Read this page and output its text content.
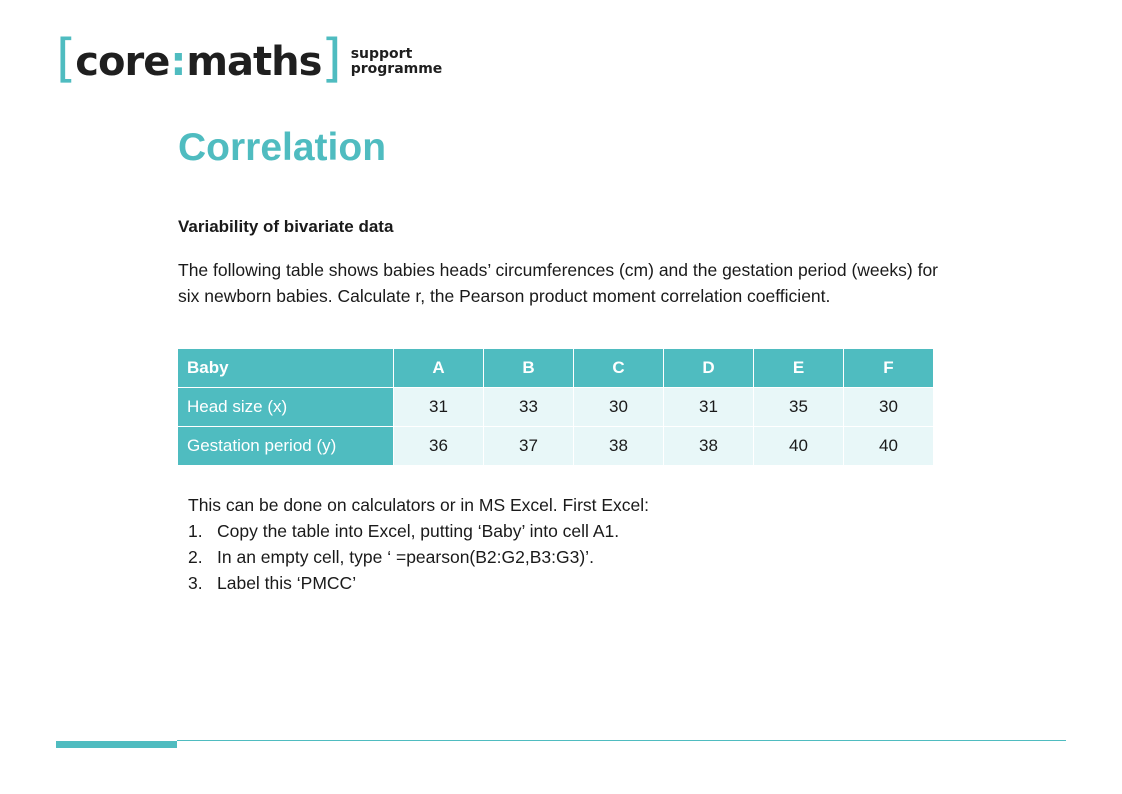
[ core : maths ] support
programme
Correlation

Variability of bivariate data

The following table shows babies heads’ circumferences (cm) and the gestation period (weeks) for six newborn babies. Calculate r, the Pearson product moment correlation coefficient.

Baby	A	B	C	D	E	F
Head size (x)	31	33	30	31	35	30
Gestation period (y)	36	37	38	38	40	40
This can be done on calculators or in MS Excel. First Excel:
1. Copy the table into Excel, putting ‘Baby’ into cell A1.
2. In an empty cell, type ‘ =pearson(B2:G2,B3:G3)’.
3. Label this ‘PMCC’
